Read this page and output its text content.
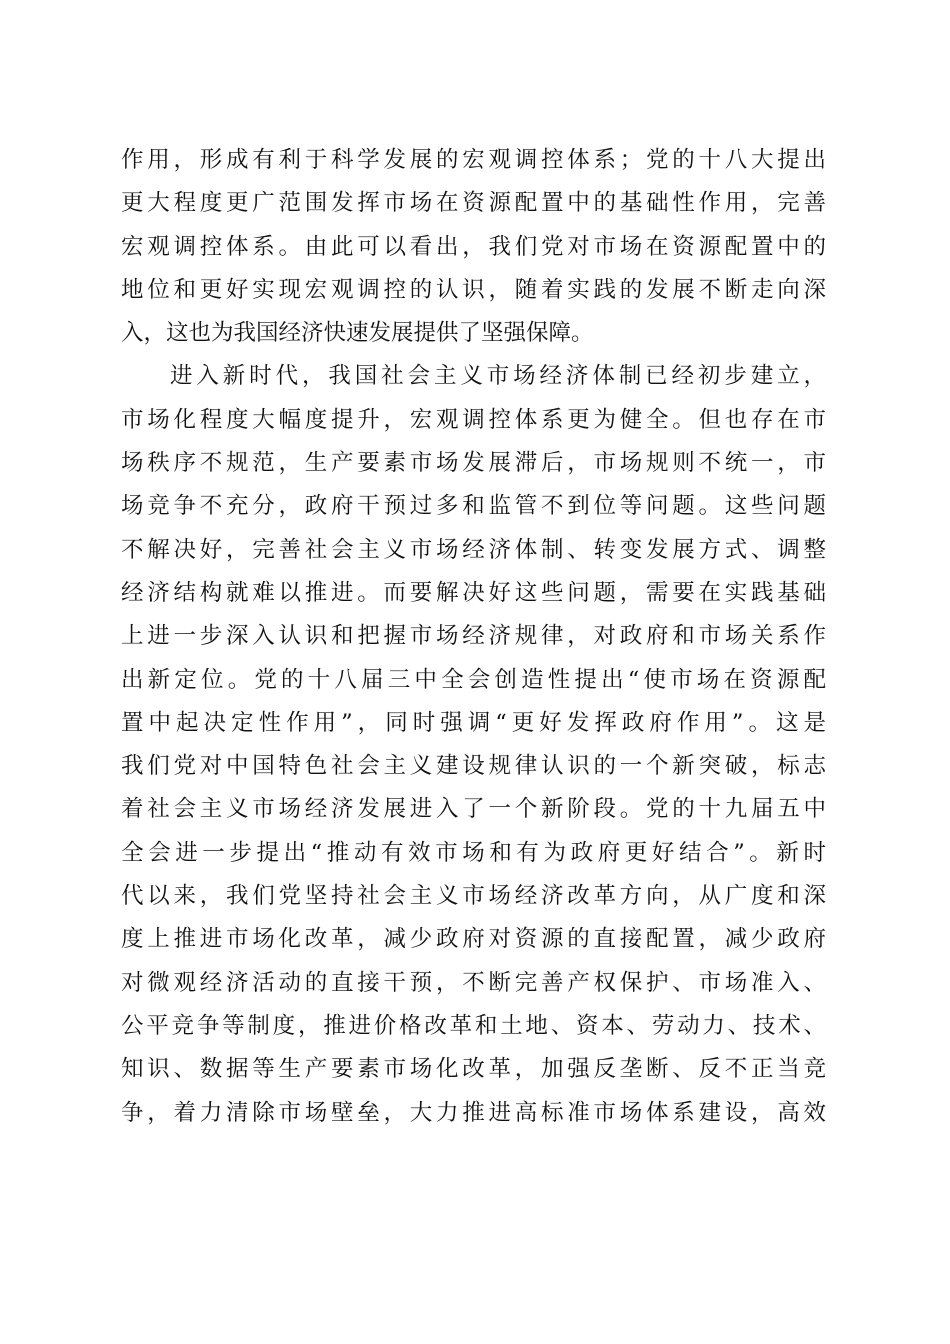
作用，形成有利于科学发展的宏观调控体系；党的十八大提出
更大程度更广范围发挥市场在资源配置中的基础性作用，完善
宏观调控体系。由此可以看出，我们党对市场在资源配置中的
地位和更好实现宏观调控的认识，随着实践的发展不断走向深
入，这也为我国经济快速发展提供了坚强保障。
进入新时代，我国社会主义市场经济体制已经初步建立，
市场化程度大幅度提升，宏观调控体系更为健全。但也存在市
场秩序不规范，生产要素市场发展滞后，市场规则不统一，市
场竞争不充分，政府干预过多和监管不到位等问题。这些问题
不解决好，完善社会主义市场经济体制、转变发展方式、调整
经济结构就难以推进。而要解决好这些问题，需要在实践基础
上进一步深入认识和把握市场经济规律，对政府和市场关系作
出新定位。党的十八届三中全会创造性提出“使市场在资源配
置中起决定性作用”，同时强调“更好发挥政府作用”。这是
我们党对中国特色社会主义建设规律认识的一个新突破，标志
着社会主义市场经济发展进入了一个新阶段。党的十九届五中
全会进一步提出“推动有效市场和有为政府更好结合”。新时
代以来，我们党坚持社会主义市场经济改革方向，从广度和深
度上推进市场化改革，减少政府对资源的直接配置，减少政府
对微观经济活动的直接干预，不断完善产权保护、市场准入、
公平竞争等制度，推进价格改革和土地、资本、劳动力、技术、
知识、数据等生产要素市场化改革，加强反垄断、反不正当竞
争，着力清除市场壁垒，大力推进高标准市场体系建设，高效
